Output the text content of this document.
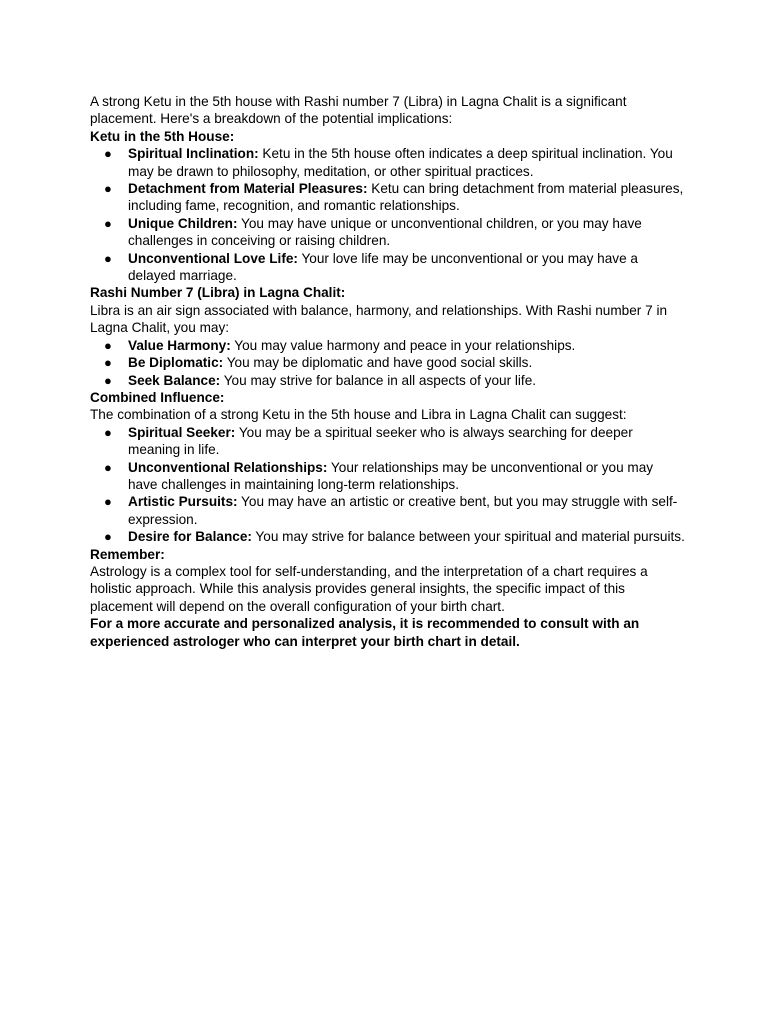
A strong Ketu in the 5th house with Rashi number 7 (Libra) in Lagna Chalit is a significant placement. Here's a breakdown of the potential implications:

Ketu in the 5th House:

● Spiritual Inclination: Ketu in the 5th house often indicates a deep spiritual inclination. You may be drawn to philosophy, meditation, or other spiritual practices.
● Detachment from Material Pleasures: Ketu can bring detachment from material pleasures, including fame, recognition, and romantic relationships.
● Unique Children: You may have unique or unconventional children, or you may have challenges in conceiving or raising children.
● Unconventional Love Life: Your love life may be unconventional or you may have a delayed marriage.

Rashi Number 7 (Libra) in Lagna Chalit:

Libra is an air sign associated with balance, harmony, and relationships. With Rashi number 7 in Lagna Chalit, you may:

● Value Harmony: You may value harmony and peace in your relationships.
● Be Diplomatic: You may be diplomatic and have good social skills.
● Seek Balance: You may strive for balance in all aspects of your life.

Combined Influence:

The combination of a strong Ketu in the 5th house and Libra in Lagna Chalit can suggest:

● Spiritual Seeker: You may be a spiritual seeker who is always searching for deeper meaning in life.
● Unconventional Relationships: Your relationships may be unconventional or you may have challenges in maintaining long-term relationships.
● Artistic Pursuits: You may have an artistic or creative bent, but you may struggle with self-expression.
● Desire for Balance: You may strive for balance between your spiritual and material pursuits.

Remember:

Astrology is a complex tool for self-understanding, and the interpretation of a chart requires a holistic approach. While this analysis provides general insights, the specific impact of this placement will depend on the overall configuration of your birth chart.

For a more accurate and personalized analysis, it is recommended to consult with an experienced astrologer who can interpret your birth chart in detail.
